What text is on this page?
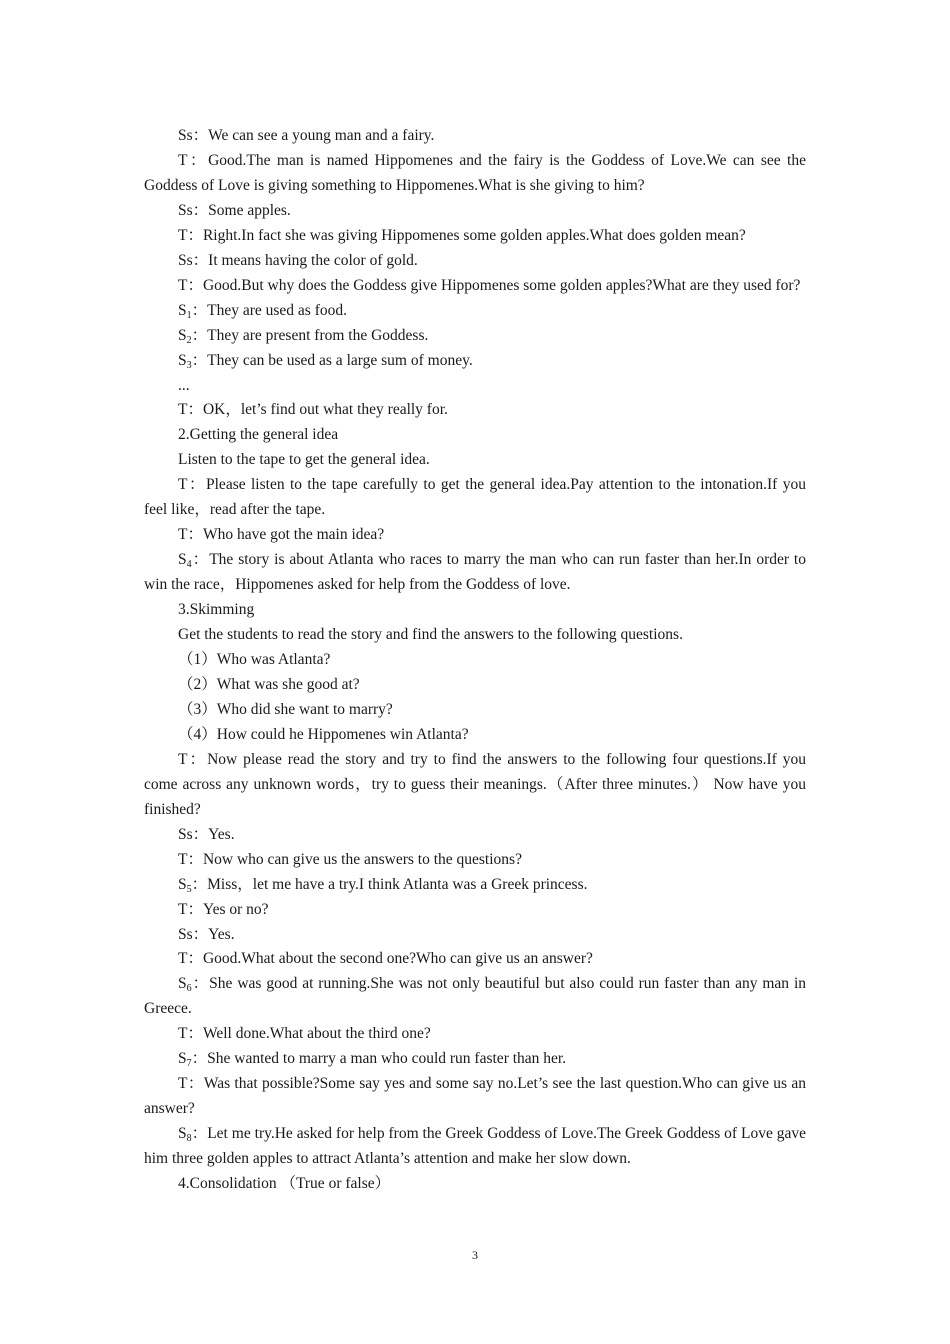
Ss：We can see a young man and a fairy.

T：Good.The man is named Hippomenes and the fairy is the Goddess of Love.We can see the Goddess of Love is giving something to Hippomenes.What is she giving to him?

Ss：Some apples.

T：Right.In fact she was giving Hippomenes some golden apples.What does golden mean?

Ss：It means having the color of gold.

T：Good.But why does the Goddess give Hippomenes some golden apples?What are they used for?

$S_1$：They are used as food.

$S_2$：They are present from the Goddess.

$S_3$：They can be used as a large sum of money.

...

T：OK，let’s find out what they really for.

2.Getting the general idea

Listen to the tape to get the general idea.

T：Please listen to the tape carefully to get the general idea.Pay attention to the intonation.If you feel like，read after the tape.

T：Who have got the main idea?

$S_4$：The story is about Atlanta who races to marry the man who can run faster than her.In order to win the race，Hippomenes asked for help from the Goddess of love.

3.Skimming

Get the students to read the story and find the answers to the following questions.

（1）Who was Atlanta?

（2）What was she good at?

（3）Who did she want to marry?

（4）How could he Hippomenes win Atlanta?

T：Now please read the story and try to find the answers to the following four questions.If you come across any unknown words，try to guess their meanings.（After three minutes.） Now have you finished?

Ss：Yes.

T：Now who can give us the answers to the questions?

$S_5$：Miss，let me have a try.I think Atlanta was a Greek princess.

T：Yes or no?

Ss：Yes.

T：Good.What about the second one?Who can give us an answer?

$S_6$：She was good at running.She was not only beautiful but also could run faster than any man in Greece.

T：Well done.What about the third one?

$S_7$：She wanted to marry a man who could run faster than her.

T：Was that possible?Some say yes and some say no.Let’s see the last question.Who can give us an answer?

$S_8$：Let me try.He asked for help from the Greek Goddess of Love.The Greek Goddess of Love gave him three golden apples to attract Atlanta’s attention and make her slow down.

4.Consolidation （True or false）

3
